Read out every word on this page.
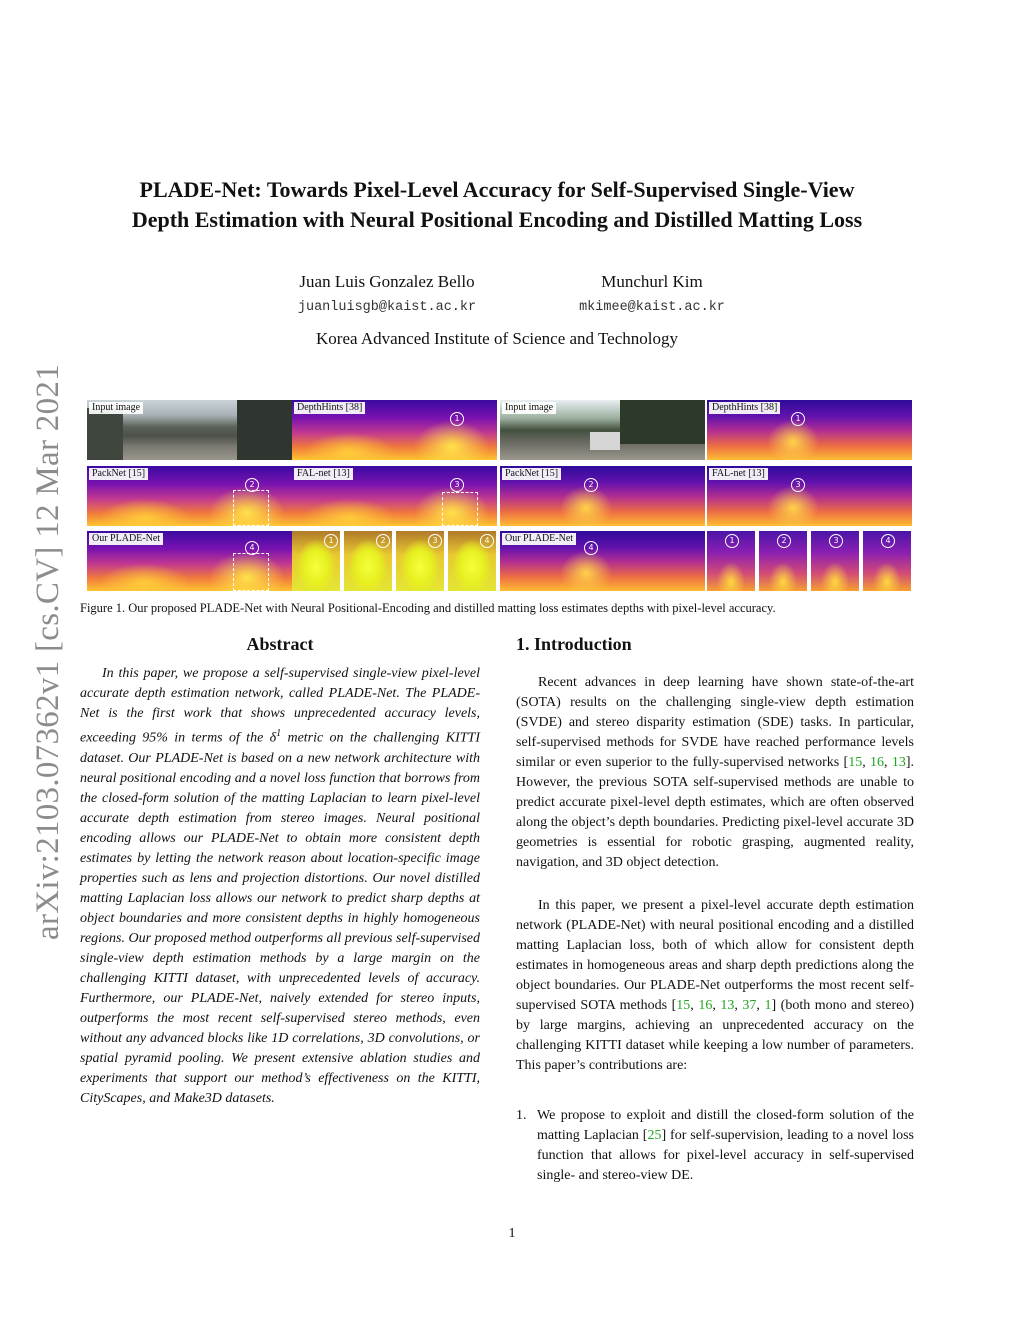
arXiv:2103.07362v1 [cs.CV] 12 Mar 2021
PLADE-Net: Towards Pixel-Level Accuracy for Self-Supervised Single-View
Depth Estimation with Neural Positional Encoding and Distilled Matting Loss
Juan Luis Gonzalez Bello
juanluisgb@kaist.ac.kr
Munchurl Kim
mkimee@kaist.ac.kr
Korea Advanced Institute of Science and Technology
Input image	DepthHints [38]
1
PackNet [15]
2
FAL-net [13]
3
Our PLADE-Net
4
1	2	3	4
Input image	DepthHints [38]
1
PackNet [15]
2
FAL-net [13]
3
Our PLADE-Net
4
1	2	3	4
Figure 1. Our proposed PLADE-Net with Neural Positional-Encoding and distilled matting loss estimates depths with pixel-level accuracy.
Abstract

In this paper, we propose a self-supervised single-view pixel-level accurate depth estimation network, called PLADE-Net. The PLADE-Net is the first work that shows unprecedented accuracy levels, exceeding 95% in terms of the $\delta^1$ metric on the challenging KITTI dataset. Our PLADE-Net is based on a new network architecture with neural positional encoding and a novel loss function that borrows from the closed-form solution of the matting Laplacian to learn pixel-level accurate depth estimation from stereo images. Neural positional encoding allows our PLADE-Net to obtain more consistent depth estimates by letting the network reason about location-specific image properties such as lens and projection distortions. Our novel distilled matting Laplacian loss allows our network to predict sharp depths at object boundaries and more consistent depths in highly homogeneous regions. Our proposed method outperforms all previous self-supervised single-view depth estimation methods by a large margin on the challenging KITTI dataset, with unprecedented levels of accuracy. Furthermore, our PLADE-Net, naively extended for stereo inputs, outperforms the most recent self-supervised stereo methods, even without any advanced blocks like 1D correlations, 3D convolutions, or spatial pyramid pooling. We present extensive ablation studies and experiments that support our method’s effectiveness on the KITTI, CityScapes, and Make3D datasets.

1. Introduction

Recent advances in deep learning have shown state-of-the-art (SOTA) results on the challenging single-view depth estimation (SVDE) and stereo disparity estimation (SDE) tasks. In particular, self-supervised methods for SVDE have reached performance levels similar or even superior to the fully-supervised networks [15, 16, 13]. However, the previous SOTA self-supervised methods are unable to predict accurate pixel-level depth estimates, which are often observed along the object’s depth boundaries. Predicting pixel-level accurate 3D geometries is essential for robotic grasping, augmented reality, navigation, and 3D object detection.

In this paper, we present a pixel-level accurate depth estimation network (PLADE-Net) with neural positional encoding and a distilled matting Laplacian loss, both of which allow for consistent depth estimates in homogeneous areas and sharp depth predictions along the object boundaries. Our PLADE-Net outperforms the most recent self-supervised SOTA methods [15, 16, 13, 37, 1] (both mono and stereo) by large margins, achieving an unprecedented accuracy on the challenging KITTI dataset while keeping a low number of parameters. This paper’s contributions are:

1. We propose to exploit and distill the closed-form solution of the matting Laplacian [25] for self-supervision, leading to a novel loss function that allows for pixel-level accuracy in self-supervised single- and stereo-view DE.
1
